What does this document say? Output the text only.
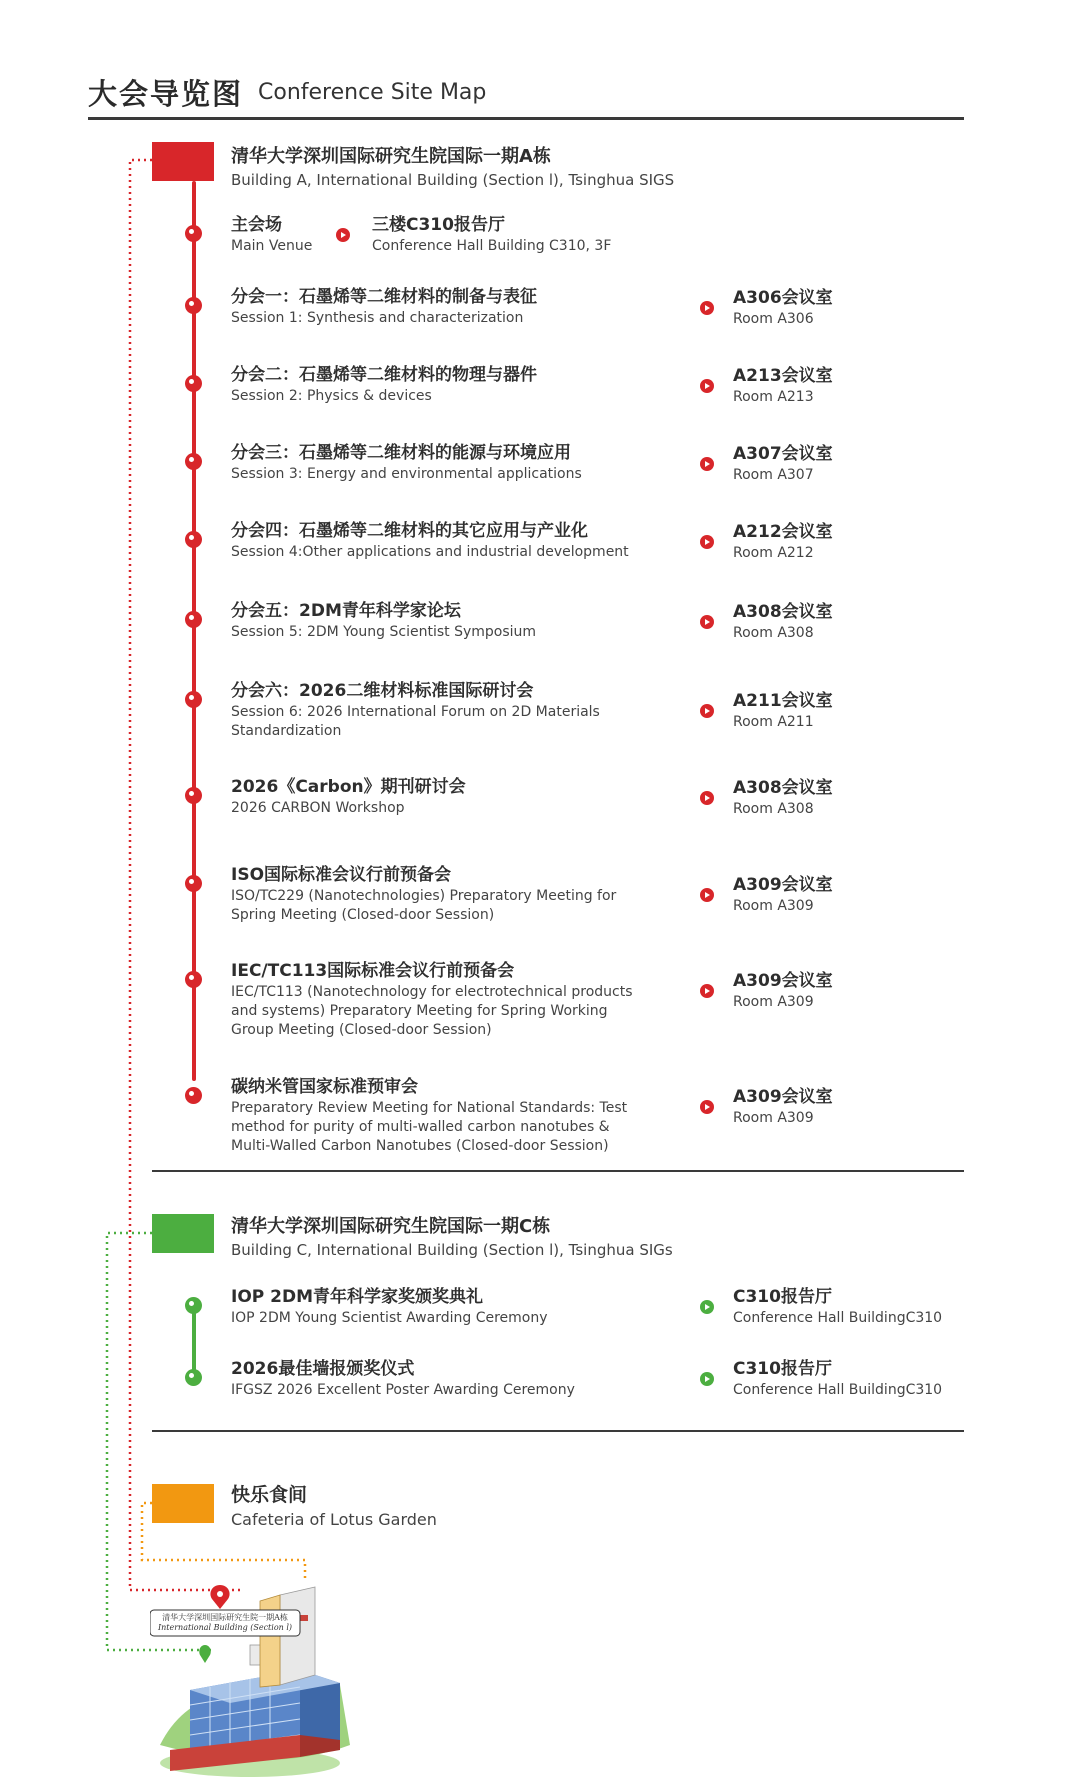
大会导览图 Conference Site Map
清华大学深圳国际研究生院国际一期A栋
Building A, International Building (Section l), Tsinghua SIGS
主会场
Main Venue
三楼C310报告厅
Conference Hall Building C310, 3F
分会一：石墨烯等二维材料的制备与表征
Session 1: Synthesis and characterization
A306会议室
Room A306
分会二：石墨烯等二维材料的物理与器件
Session 2: Physics & devices
A213会议室
Room A213
分会三：石墨烯等二维材料的能源与环境应用
Session 3: Energy and environmental applications
A307会议室
Room A307
分会四：石墨烯等二维材料的其它应用与产业化
Session 4:Other applications and industrial development
A212会议室
Room A212
分会五：2DM青年科学家论坛
Session 5: 2DM Young Scientist Symposium
A308会议室
Room A308
分会六：2026二维材料标准国际研讨会
Session 6: 2026 International Forum on 2D Materials
Standardization
A211会议室
Room A211
2026《Carbon》期刊研讨会
2026 CARBON Workshop
A308会议室
Room A308
ISO国际标准会议行前预备会
ISO/TC229 (Nanotechnologies) Preparatory Meeting for
Spring Meeting (Closed-door Session)
A309会议室
Room A309
IEC/TC113国际标准会议行前预备会
IEC/TC113 (Nanotechnology for electrotechnical products
and systems) Preparatory Meeting for Spring Working
Group Meeting (Closed-door Session)
A309会议室
Room A309
碳纳米管国家标准预审会
Preparatory Review Meeting for National Standards: Test
method for purity of multi-walled carbon nanotubes &
Multi-Walled Carbon Nanotubes (Closed-door Session)
A309会议室
Room A309
清华大学深圳国际研究生院国际一期C栋
Building C, International Building (Section l), Tsinghua SIGs
IOP 2DM青年科学家奖颁奖典礼
IOP 2DM Young Scientist Awarding Ceremony
C310报告厅
Conference Hall BuildingC310
2026最佳墙报颁奖仪式
IFGSZ 2026 Excellent Poster Awarding Ceremony
C310报告厅
Conference Hall BuildingC310
快乐食间
Cafeteria of Lotus Garden
清华大学深圳国际研究生院一期A栋
International Building (Section l)
